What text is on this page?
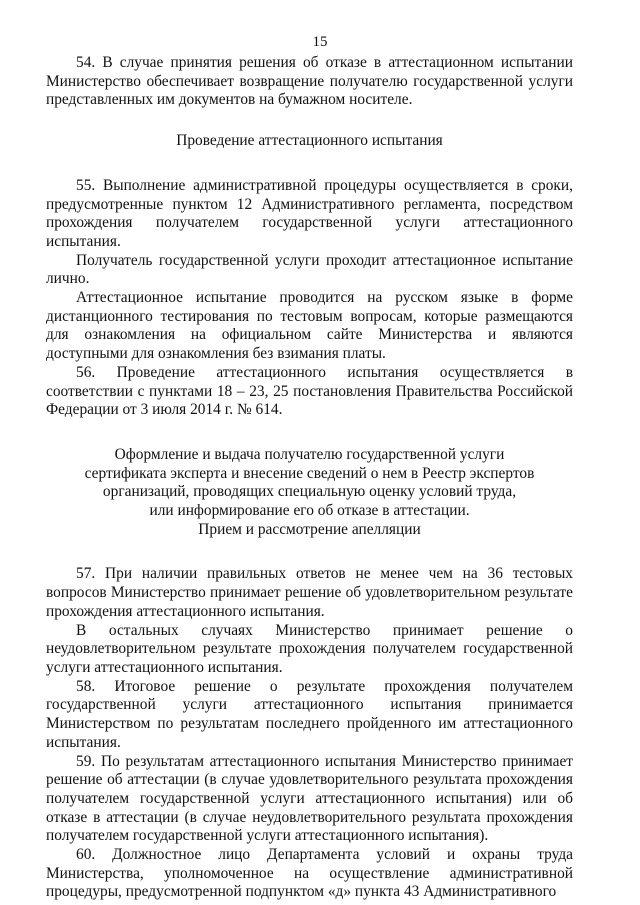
15

54. В случае принятия решения об отказе в аттестационном испытании Министерство обеспечивает возвращение получателю государственной услуги представленных им документов на бумажном носителе.

Проведение аттестационного испытания

55. Выполнение административной процедуры осуществляется в сроки, предусмотренные пунктом 12 Административного регламента, посредством прохождения получателем государственной услуги аттестационного испытания.

Получатель государственной услуги проходит аттестационное испытание лично.

Аттестационное испытание проводится на русском языке в форме дистанционного тестирования по тестовым вопросам, которые размещаются для ознакомления на официальном сайте Министерства и являются доступными для ознакомления без взимания платы.

56. Проведение аттестационного испытания осуществляется в соответствии с пунктами 18 – 23, 25 постановления Правительства Российской Федерации от 3 июля 2014 г. № 614.

Оформление и выдача получателю государственной услуги

сертификата эксперта и внесение сведений о нем в Реестр экспертов

организаций, проводящих специальную оценку условий труда,

или информирование его об отказе в аттестации.

Прием и рассмотрение апелляции

57. При наличии правильных ответов не менее чем на 36 тестовых вопросов Министерство принимает решение об удовлетворительном результате прохождения аттестационного испытания.

В остальных случаях Министерство принимает решение о неудовлетворительном результате прохождения получателем государственной услуги аттестационного испытания.

58. Итоговое решение о результате прохождения получателем государственной услуги аттестационного испытания принимается Министерством по результатам последнего пройденного им аттестационного испытания.

59. По результатам аттестационного испытания Министерство принимает решение об аттестации (в случае удовлетворительного результата прохождения получателем государственной услуги аттестационного испытания) или об отказе в аттестации (в случае неудовлетворительного результата прохождения получателем государственной услуги аттестационного испытания).

60. Должностное лицо Департамента условий и охраны труда Министерства, уполномоченное на осуществление административной процедуры, предусмотренной подпунктом «д» пункта 43 Административного
